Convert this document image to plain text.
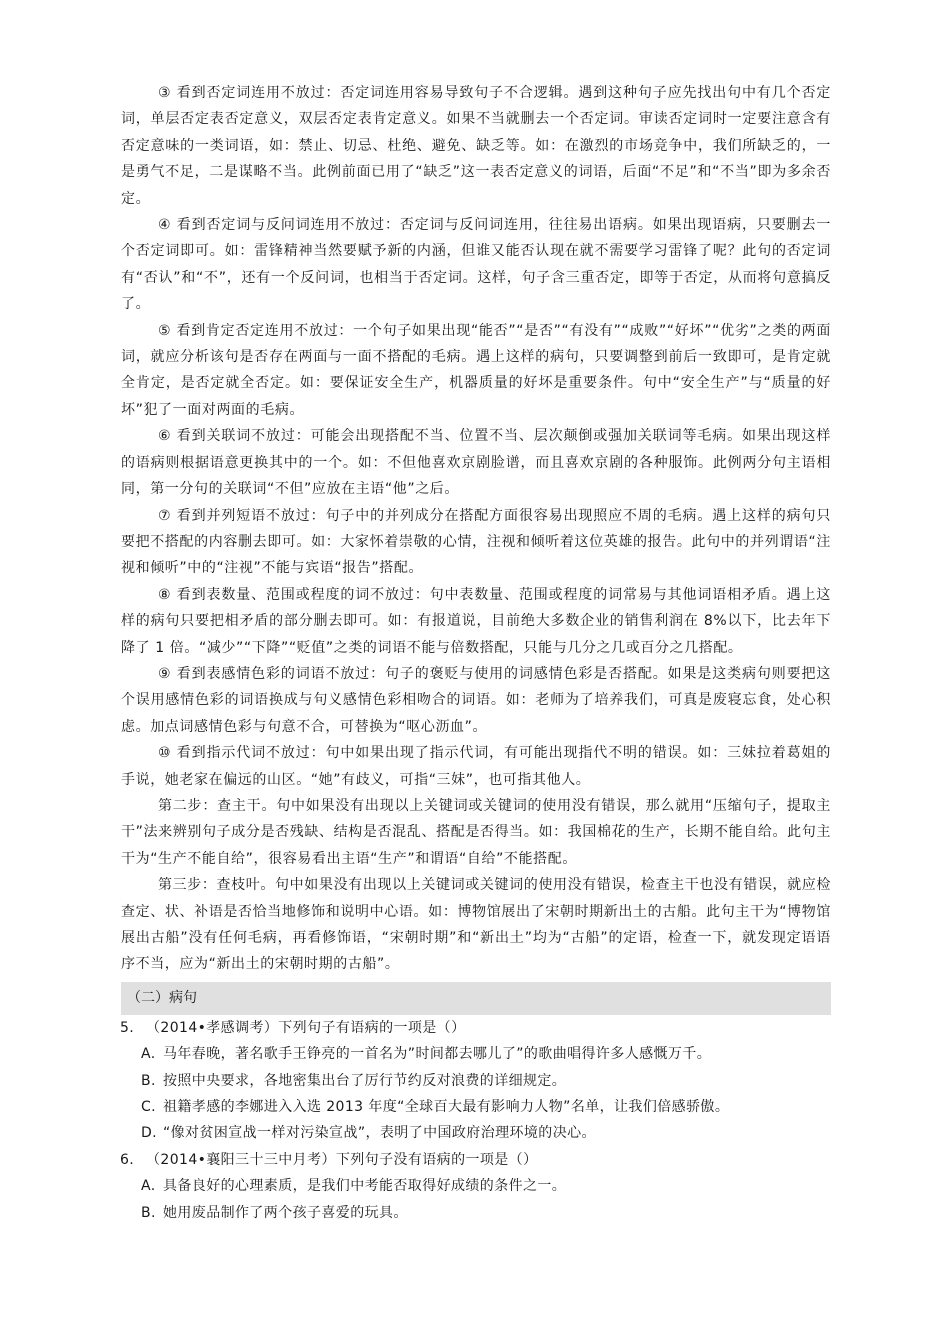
③ 看到否定词连用不放过：否定词连用容易导致句子不合逻辑。遇到这种句子应先找出句中有几个否定词，单层否定表否定意义，双层否定表肯定意义。如果不当就删去一个否定词。审读否定词时一定要注意含有否定意味的一类词语，如：禁止、切忌、杜绝、避免、缺乏等。如：在激烈的市场竞争中，我们所缺乏的，一是勇气不足，二是谋略不当。此例前面已用了“缺乏”这一表否定意义的词语，后面“不足”和“不当”即为多余否定。

④ 看到否定词与反问词连用不放过：否定词与反问词连用，往往易出语病。如果出现语病，只要删去一个否定词即可。如：雷锋精神当然要赋予新的内涵，但谁又能否认现在就不需要学习雷锋了呢？此句的否定词有“否认”和“不”，还有一个反问词，也相当于否定词。这样，句子含三重否定，即等于否定，从而将句意搞反了。

⑤ 看到肯定否定连用不放过：一个句子如果出现“能否”“是否”“有没有”“成败”“好坏”“优劣”之类的两面词，就应分析该句是否存在两面与一面不搭配的毛病。遇上这样的病句，只要调整到前后一致即可，是肯定就全肯定，是否定就全否定。如：要保证安全生产，机器质量的好坏是重要条件。句中“安全生产”与“质量的好坏”犯了一面对两面的毛病。

⑥ 看到关联词不放过：可能会出现搭配不当、位置不当、层次颠倒或强加关联词等毛病。如果出现这样的语病则根据语意更换其中的一个。如：不但他喜欢京剧脸谱，而且喜欢京剧的各种服饰。此例两分句主语相同，第一分句的关联词“不但”应放在主语“他”之后。

⑦ 看到并列短语不放过：句子中的并列成分在搭配方面很容易出现照应不周的毛病。遇上这样的病句只要把不搭配的内容删去即可。如：大家怀着崇敬的心情，注视和倾听着这位英雄的报告。此句中的并列谓语“注视和倾听”中的“注视”不能与宾语“报告”搭配。

⑧ 看到表数量、范围或程度的词不放过：句中表数量、范围或程度的词常易与其他词语相矛盾。遇上这样的病句只要把相矛盾的部分删去即可。如：有报道说，目前绝大多数企业的销售利润在 8%以下，比去年下降了 1 倍。“减少”“下降”“贬值”之类的词语不能与倍数搭配，只能与几分之几或百分之几搭配。

⑨ 看到表感情色彩的词语不放过：句子的褒贬与使用的词感情色彩是否搭配。如果是这类病句则要把这个误用感情色彩的词语换成与句义感情色彩相吻合的词语。如：老师为了培养我们，可真是废寝忘食，处心积虑。加点词感情色彩与句意不合，可替换为“呕心沥血”。

⑩ 看到指示代词不放过：句中如果出现了指示代词，有可能出现指代不明的错误。如：三妹拉着葛姐的手说，她老家在偏远的山区。“她”有歧义，可指“三妹”，也可指其他人。

第二步：查主干。句中如果没有出现以上关键词或关键词的使用没有错误，那么就用“压缩句子，提取主干”法来辨别句子成分是否残缺、结构是否混乱、搭配是否得当。如：我国棉花的生产，长期不能自给。此句主干为“生产不能自给”，很容易看出主语“生产”和谓语“自给”不能搭配。

第三步：查枝叶。句中如果没有出现以上关键词或关键词的使用没有错误，检查主干也没有错误，就应检查定、状、补语是否恰当地修饰和说明中心语。如：博物馆展出了宋朝时期新出土的古船。此句主干为“博物馆展出古船”没有任何毛病，再看修饰语，“宋朝时期”和“新出土”均为“古船”的定语，检查一下，就发现定语语序不当，应为“新出土的宋朝时期的古船”。

（二）病句
5. （2014•孝感调考）下列句子有语病的一项是（）
A. 马年春晚，著名歌手王铮亮的一首名为”时间都去哪儿了”的歌曲唱得许多人感慨万千。
B. 按照中央要求，各地密集出台了厉行节约反对浪费的详细规定。
C. 祖籍孝感的李娜进入入选 2013 年度“全球百大最有影响力人物”名单，让我们倍感骄傲。
D. “像对贫困宣战一样对污染宣战”，表明了中国政府治理环境的决心。
6. （2014•襄阳三十三中月考）下列句子没有语病的一项是（）
A. 具备良好的心理素质，是我们中考能否取得好成绩的条件之一。
B. 她用废品制作了两个孩子喜爱的玩具。
